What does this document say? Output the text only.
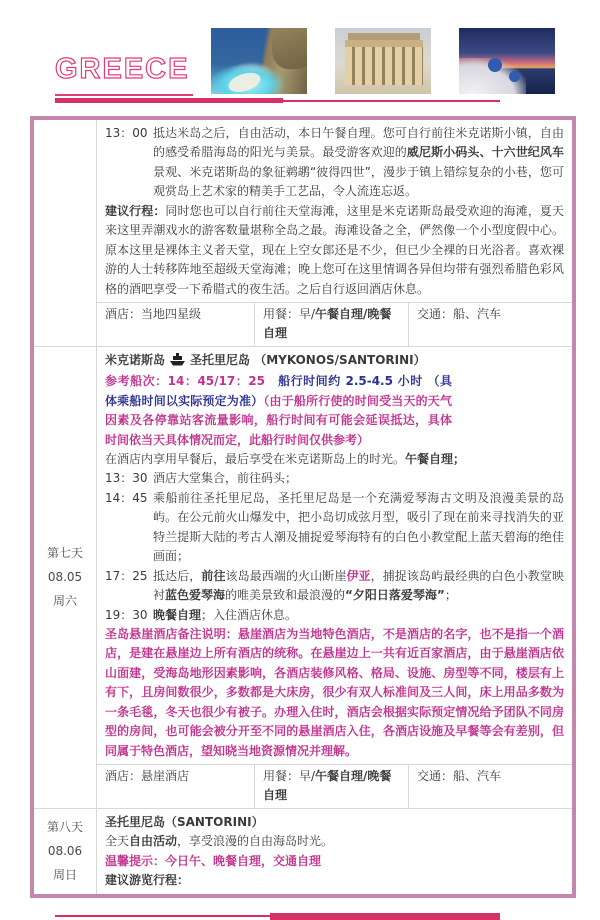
GREECE
13：00 抵达米岛之后，自由活动，本日午餐自理。您可自行前往米克诺斯小镇，自由的感受希腊海岛的阳光与美景。最受游客欢迎的威尼斯小码头、十六世纪风车景观、米克诺斯岛的象征鹈鹕“彼得四世”，漫步于镇上错综复杂的小巷，您可观赏岛上艺术家的精美手工艺品，令人流连忘返。
建议行程：同时您也可以自行前往天堂海滩，这里是米克诺斯岛最受欢迎的海滩，夏天来这里弄潮戏水的游客数量堪称全岛之最。海滩设备之全，俨然像一个小型度假中心。原本这里是裸体主义者天堂，现在上空女郎还是不少，但已少全裸的日光浴者。喜欢裸游的人士转移阵地至超级天堂海滩；晚上您可在这里情调各异但均带有强烈希腊色彩风格的酒吧享受一下希腊式的夜生活。之后自行返回酒店休息。
酒店：当地四星级	用餐：早/午餐自理/晚餐自理
交通：船、汽车
第七天
08.05
周六
米克诺斯岛 圣托里尼岛 （MYKONOS/SANTORINI）
参考船次：14：45/17：25　船行时间约 2.5-4.5 小时 （具体乘船时间以实际预定为准）（由于船所行使的时间受当天的天气因素及各停靠站客流量影响，船行时间有可能会延误抵达，具体时间依当天具体情况而定，此船行时间仅供参考）
在酒店内享用早餐后，最后享受在米克诺斯岛上的时光。午餐自理；
13：30 酒店大堂集合，前往码头；
14：45 乘船前往圣托里尼岛，圣托里尼岛是一个充满爱琴海古文明及浪漫美景的岛屿。在公元前火山爆发中，把小岛切成弦月型，吸引了现在前来寻找消失的亚特兰提斯大陆的考古人潮及捕捉爱琴海特有的白色小教堂配上蓝天碧海的绝佳画面；
17：25 抵达后，前往该岛最西端的火山断崖伊亚，捕捉该岛屿最经典的白色小教堂映衬蓝色爱琴海的唯美景致和最浪漫的“夕阳日落爱琴海”；
19：30 晚餐自理；入住酒店休息。
圣岛悬崖酒店备注说明：悬崖酒店为当地特色酒店，不是酒店的名字，也不是指一个酒店，是建在悬崖边上所有酒店的统称。在悬崖边上一共有近百家酒店，由于悬崖酒店依山面建，受海岛地形因素影响，各酒店装修风格、格局、设施、房型等不同，楼层有上有下，且房间数很少，多数都是大床房，很少有双人标准间及三人间，床上用品多数为一条毛毯，冬天也很少有被子。办理入住时，酒店会根据实际预定情况给予团队不同房型的房间，也可能会被分开至不同的悬崖酒店入住，各酒店设施及早餐等会有差别，但同属于特色酒店，望知晓当地资源情况并理解。
酒店：悬崖酒店	用餐：早/午餐自理/晚餐自理
交通：船、汽车
第八天
08.06
周日
圣托里尼岛（SANTORINI）
全天自由活动，享受浪漫的自由海岛时光。
温馨提示：今日午、晚餐自理，交通自理
建议游览行程：
